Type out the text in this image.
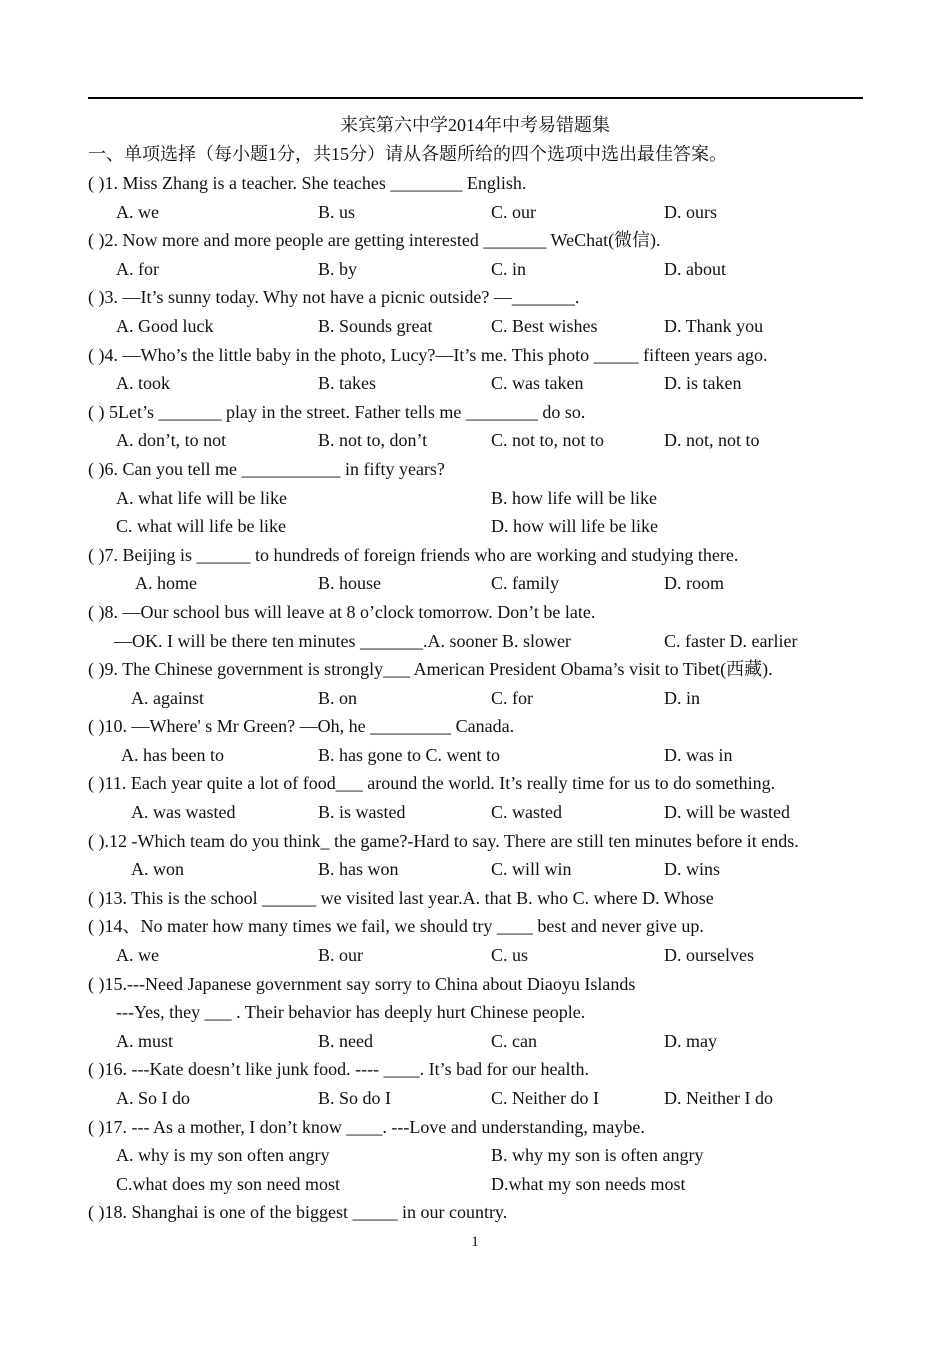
来宾第六中学2014年中考易错题集
一、单项选择（每小题1分，共15分）请从各题所给的四个选项中选出最佳答案。
( )1. Miss Zhang is a teacher. She teaches ________ English.
A. we	B. us	C. our	D. ours
( )2. Now more and more people are getting interested _______ WeChat(微信).
A. for	B. by	C. in	D. about
( )3. —It’s sunny today. Why not have a picnic outside? —_______.
A. Good luck	B. Sounds great	C. Best wishes	D. Thank you
( )4. —Who’s the little baby in the photo, Lucy?—It’s me. This photo _____ fifteen years ago.
A. took	B. takes	C. was taken	D. is taken
( ) 5Let’s _______ play in the street. Father tells me ________ do so.
A. don’t, to not	B. not to, don’t	C. not to, not to	D. not, not to
( )6. Can you tell me ___________ in fifty years?
A. what life will be like	B. how life will be like
C. what will life be like	D. how will life be like
( )7. Beijing is ______ to hundreds of foreign friends who are working and studying there.
A. home	B. house	C. family	D. room
( )8. —Our school bus will leave at 8 o’clock tomorrow. Don’t be late.
—OK. I will be there ten minutes _______.A. sooner B. slower	C. faster D. earlier
( )9. The Chinese government is strongly___ American President Obama’s visit to Tibet(西藏).
A. against	B. on	C. for	D. in
( )10. —Where' s Mr Green? —Oh, he _________ Canada.
A. has been to	B. has gone to C. went to	D. was in
( )11. Each year quite a lot of food___ around the world. It’s really time for us to do something.
A. was wasted	B. is wasted	C. wasted	D. will be wasted
( ).12 -Which team do you think_ the game?-Hard to say. There are still ten minutes before it ends.
A. won	B. has won	C. will win	D. wins
( )13. This is the school ______ we visited last year.A. that B. who C. where D. Whose
( )14、No mater how many times we fail, we should try ____ best and never give up.
A. we	B. our	C. us	D. ourselves
( )15.---Need Japanese government say sorry to China about Diaoyu Islands
---Yes, they ___ . Their behavior has deeply hurt Chinese people.
A. must	B. need	C. can	D. may
( )16. ---Kate doesn’t like junk food. ---- ____. It’s bad for our health.
A. So I do	B. So do I	C. Neither do I	D. Neither I do
( )17. --- As a mother, I don’t know ____. ---Love and understanding, maybe.
A. why is my son often angry	B. why my son is often angry
C.what does my son need most	D.what my son needs most
( )18. Shanghai is one of the biggest _____ in our country.
1
